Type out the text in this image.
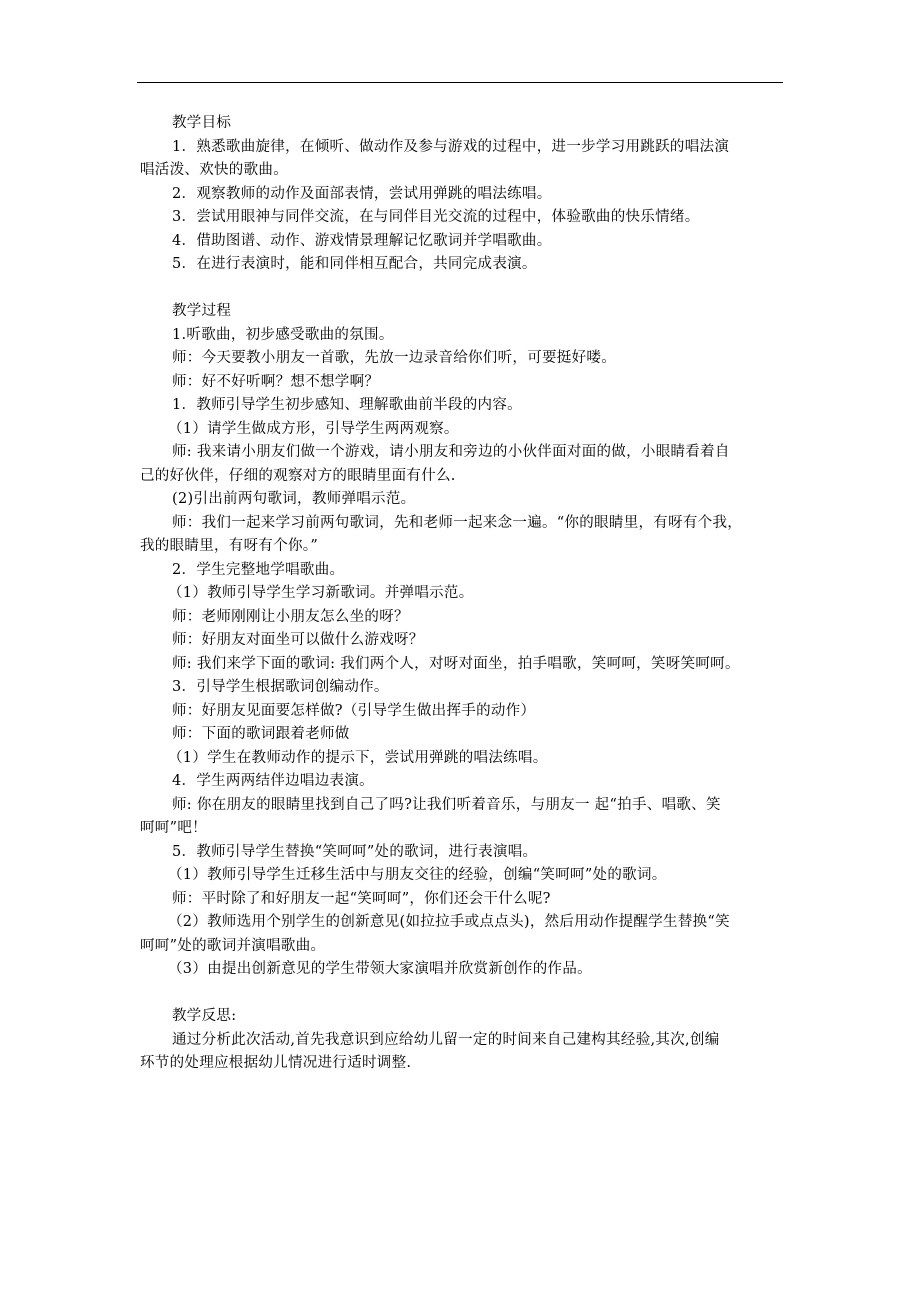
教学目标
1．熟悉歌曲旋律，在倾听、做动作及参与游戏的过程中，进一步学习用跳跃的唱法演
唱活泼、欢快的歌曲。
2．观察教师的动作及面部表情，尝试用弹跳的唱法练唱。
3．尝试用眼神与同伴交流，在与同伴目光交流的过程中，体验歌曲的快乐情绪。
4．借助图谱、动作、游戏情景理解记忆歌词并学唱歌曲。
5．在进行表演时，能和同伴相互配合，共同完成表演。
教学过程
1.听歌曲，初步感受歌曲的氛围。
师：今天要教小朋友一首歌，先放一边录音给你们听，可要挺好喽。
师：好不好听啊？想不想学啊？
1．教师引导学生初步感知、理解歌曲前半段的内容。
（1）请学生做成方形，引导学生两两观察。
师: 我来请小朋友们做一个游戏，请小朋友和旁边的小伙伴面对面的做，小眼睛看着自
己的好伙伴，仔细的观察对方的眼睛里面有什么.
(2)引出前两句歌词，教师弹唱示范。
师：我们一起来学习前两句歌词，先和老师一起来念一遍。“你的眼睛里，有呀有个我，
我的眼睛里，有呀有个你。”
2．学生完整地学唱歌曲。
（1）教师引导学生学习新歌词。并弹唱示范。
师：老师刚刚让小朋友怎么坐的呀？
师：好朋友对面坐可以做什么游戏呀？
师: 我们来学下面的歌词: 我们两个人，对呀对面坐，拍手唱歌，笑呵呵，笑呀笑呵呵。
3．引导学生根据歌词创编动作。
师：好朋友见面要怎样做?（引导学生做出挥手的动作）
师：下面的歌词跟着老师做
（1）学生在教师动作的提示下，尝试用弹跳的唱法练唱。
4．学生两两结伴边唱边表演。
师: 你在朋友的眼睛里找到自己了吗?让我们听着音乐，与朋友一 起“拍手、唱歌、笑
呵呵”吧！
5．教师引导学生替换“笑呵呵”处的歌词，进行表演唱。
（1）教师引导学生迁移生活中与朋友交往的经验，创编“笑呵呵”处的歌词。
师：平时除了和好朋友一起“笑呵呵”，你们还会干什么呢?
（2）教师选用个别学生的创新意见(如拉拉手或点点头)，然后用动作提醒学生替换“笑
呵呵”处的歌词并演唱歌曲。
（3）由提出创新意见的学生带领大家演唱并欣赏新创作的作品。
教学反思:
通过分析此次活动,首先我意识到应给幼儿留一定的时间来自己建构其经验,其次,创编
环节的处理应根据幼儿情况进行适时调整.
